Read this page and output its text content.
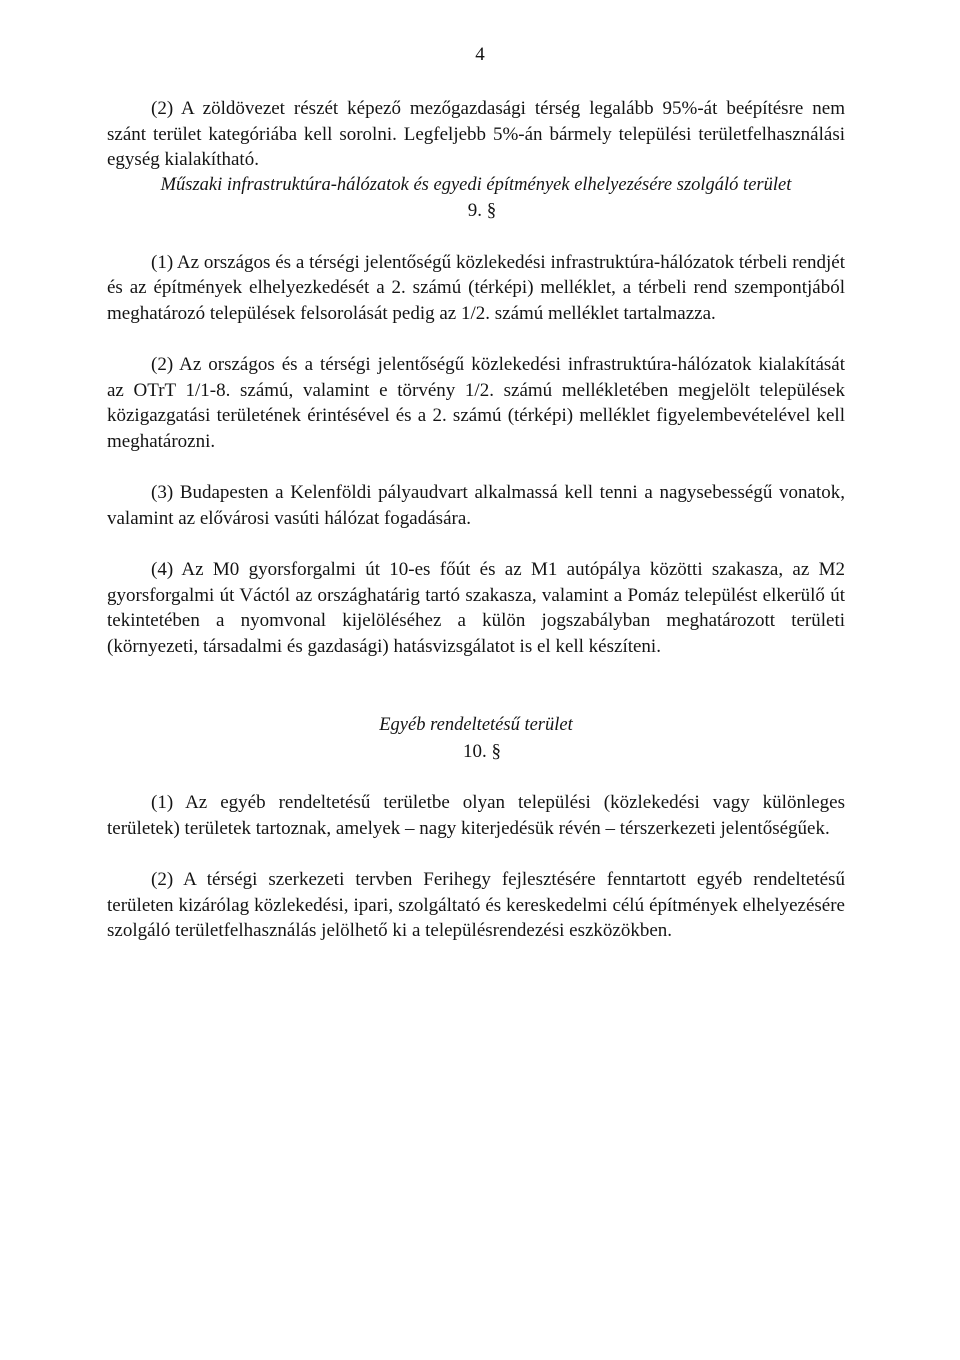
4

(2) A zöldövezet részét képező mezőgazdasági térség legalább 95%-át beépítésre nem szánt terület kategóriába kell sorolni. Legfeljebb 5%-án bármely települési területfelhasználási egység kialakítható.

Műszaki infrastruktúra-hálózatok és egyedi építmények elhelyezésére szolgáló terület

9. §

(1) Az országos és a térségi jelentőségű közlekedési infrastruktúra-hálózatok térbeli rendjét és az építmények elhelyezkedését a 2. számú (térképi) melléklet, a térbeli rend szempontjából meghatározó települések felsorolását pedig az 1/2. számú melléklet tartalmazza.

(2) Az országos és a térségi jelentőségű közlekedési infrastruktúra-hálózatok kialakítását az OTrT 1/1-8. számú, valamint e törvény 1/2. számú mellékletében megjelölt települések közigazgatási területének érintésével és a 2. számú (térképi) melléklet figyelembevételével kell meghatározni.

(3) Budapesten a Kelenföldi pályaudvart alkalmassá kell tenni a nagysebességű vonatok, valamint az elővárosi vasúti hálózat fogadására.

(4) Az M0 gyorsforgalmi út 10-es főút és az M1 autópálya közötti szakasza, az M2 gyorsforgalmi út Váctól az országhatárig tartó szakasza, valamint a Pomáz települést elkerülő út tekintetében a nyomvonal kijelöléséhez a külön jogszabályban meghatározott területi (környezeti, társadalmi és gazdasági) hatásvizsgálatot is el kell készíteni.

Egyéb rendeltetésű terület

10. §

(1) Az egyéb rendeltetésű területbe olyan települési (közlekedési vagy különleges területek) területek tartoznak, amelyek – nagy kiterjedésük révén – térszerkezeti jelentőségűek.

(2) A térségi szerkezeti tervben Ferihegy fejlesztésére fenntartott egyéb rendeltetésű területen kizárólag közlekedési, ipari, szolgáltató és kereskedelmi célú építmények elhelyezésére szolgáló területfelhasználás jelölhető ki a településrendezési eszközökben.
